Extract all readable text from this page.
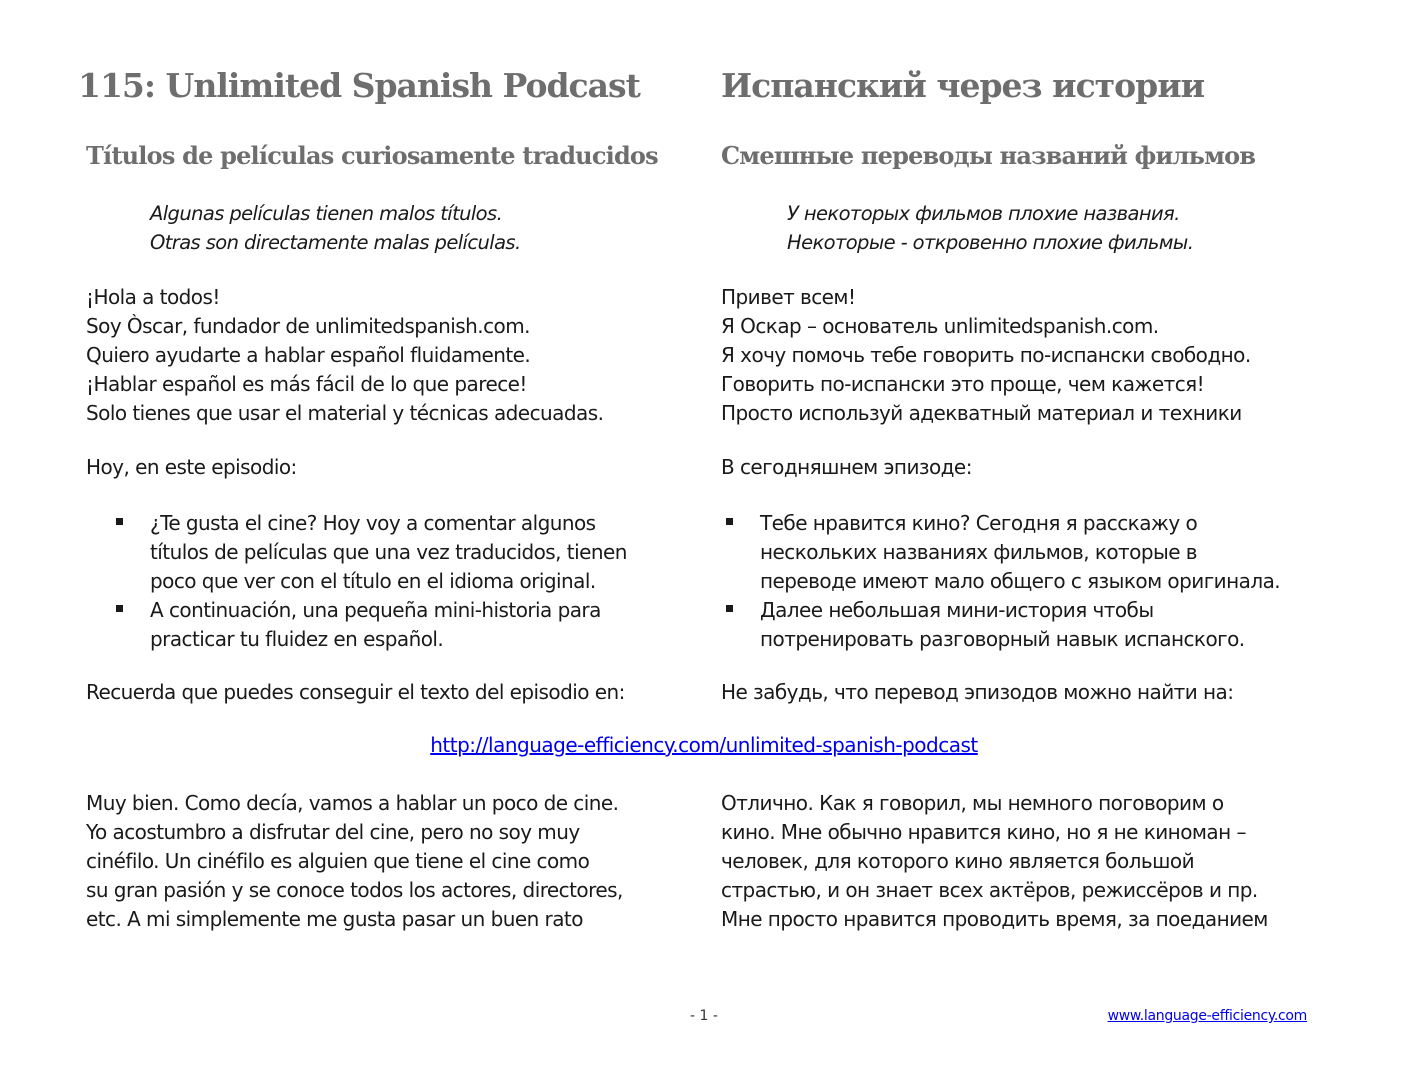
115: Unlimited Spanish Podcast
Títulos de películas curiosamente traducidos
Algunas películas tienen malos títulos.
Otras son directamente malas películas.
¡Hola a todos!
Soy Òscar, fundador de unlimitedspanish.com.
Quiero ayudarte a hablar español fluidamente.
¡Hablar español es más fácil de lo que parece!
Solo tienes que usar el material y técnicas adecuadas.
Hoy, en este episodio:
¿Te gusta el cine? Hoy voy a comentar algunos
títulos de películas que una vez traducidos, tienen
poco que ver con el título en el idioma original.
A continuación, una pequeña mini-historia para
practicar tu fluidez en español.
Recuerda que puedes conseguir el texto del episodio en:
Muy bien. Como decía, vamos a hablar un poco de cine.
Yo acostumbro a disfrutar del cine, pero no soy muy
cinéfilo. Un cinéfilo es alguien que tiene el cine como
su gran pasión y se conoce todos los actores, directores,
etc. A mi simplemente me gusta pasar un buen rato
Испанский через истории
Смешные переводы названий фильмов
У некоторых фильмов плохие названия.
Некоторые - откровенно плохие фильмы.
Привет всем!
Я Оскар – основатель unlimitedspanish.com.
Я хочу помочь тебе говорить по-испански свободно.
Говорить по-испански это проще, чем кажется!
Просто используй адекватный материал и техники
В сегодняшнем эпизоде:
Тебе нравится кино? Сегодня я расскажу о
нескольких названиях фильмов, которые в
переводе имеют мало общего с языком оригинала.
Далее небольшая мини-история чтобы
потренировать разговорный навык испанского.
Не забудь, что перевод эпизодов можно найти на:
Отлично. Как я говорил, мы немного поговорим о
кино. Мне обычно нравится кино, но я не киноман –
человек, для которого кино является большой
страстью, и он знает всех актёров, режиссёров и пр.
Мне просто нравится проводить время, за поеданием
http://language-efficiency.com/unlimited-spanish-podcast
- 1 -	www.language-efficiency.com
